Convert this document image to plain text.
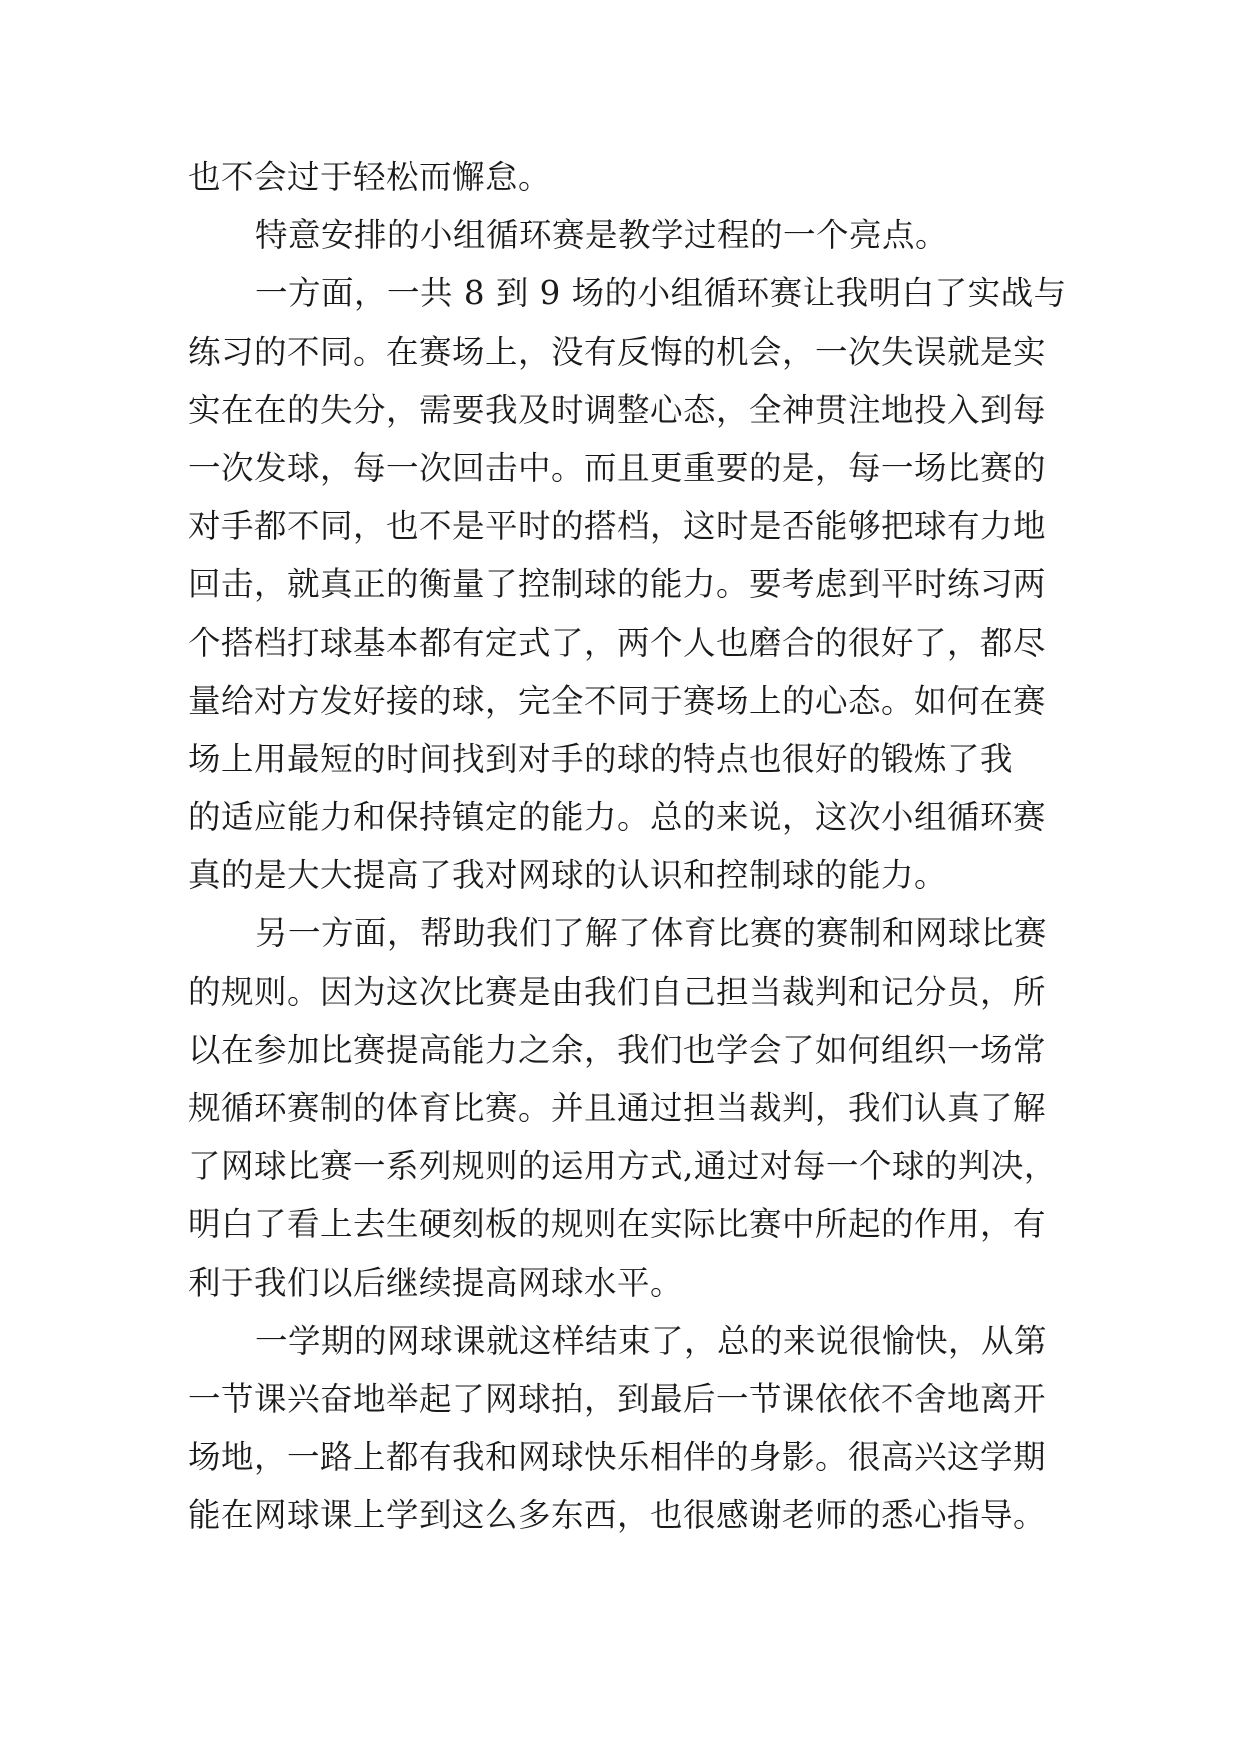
也不会过于轻松而懈怠。
特意安排的小组循环赛是教学过程的一个亮点。
一方面，一共 8 到 9 场的小组循环赛让我明白了实战与
练习的不同。在赛场上，没有反悔的机会，一次失误就是实
实在在的失分，需要我及时调整心态，全神贯注地投入到每
一次发球，每一次回击中。而且更重要的是，每一场比赛的
对手都不同，也不是平时的搭档，这时是否能够把球有力地
回击，就真正的衡量了控制球的能力。要考虑到平时练习两
个搭档打球基本都有定式了，两个人也磨合的很好了，都尽
量给对方发好接的球，完全不同于赛场上的心态。如何在赛
场上用最短的时间找到对手的球的特点也很好的锻炼了我
的适应能力和保持镇定的能力。总的来说，这次小组循环赛
真的是大大提高了我对网球的认识和控制球的能力。
另一方面，帮助我们了解了体育比赛的赛制和网球比赛
的规则。因为这次比赛是由我们自己担当裁判和记分员，所
以在参加比赛提高能力之余，我们也学会了如何组织一场常
规循环赛制的体育比赛。并且通过担当裁判，我们认真了解
了网球比赛一系列规则的运用方式,通过对每一个球的判决，
明白了看上去生硬刻板的规则在实际比赛中所起的作用，有
利于我们以后继续提高网球水平。
一学期的网球课就这样结束了，总的来说很愉快，从第
一节课兴奋地举起了网球拍，到最后一节课依依不舍地离开
场地，一路上都有我和网球快乐相伴的身影。很高兴这学期
能在网球课上学到这么多东西，也很感谢老师的悉心指导。
